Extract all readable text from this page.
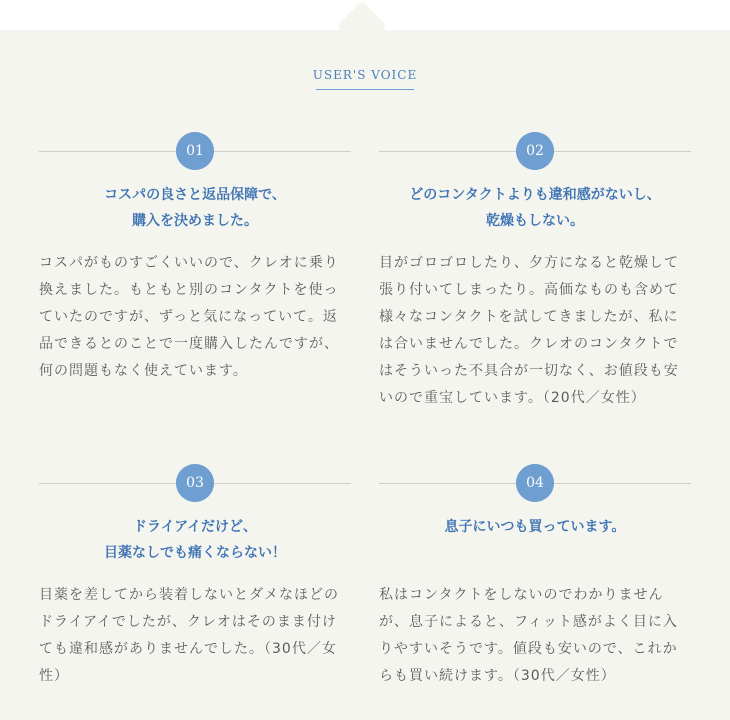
USER'S VOICE
01
コスパの良さと返品保障で、
購入を決めました。
コスパがものすごくいいので、クレオに乗り換えました。もともと別のコンタクトを使っていたのですが、ずっと気になっていて。返品できるとのことで一度購入したんですが、何の問題もなく使えています。
02
どのコンタクトよりも違和感がないし、
乾燥もしない。
目がゴロゴロしたり、夕方になると乾燥して張り付いてしまったり。高価なものも含めて様々なコンタクトを試してきましたが、私には合いませんでした。クレオのコンタクトではそういった不具合が一切なく、お値段も安いので重宝しています。（20代／女性）
03
ドライアイだけど、
目薬なしでも痛くならない！
目薬を差してから装着しないとダメなほどのドライアイでしたが、クレオはそのまま付けても違和感がありませんでした。（30代／女性）
04
息子にいつも買っています。
私はコンタクトをしないのでわかりませんが、息子によると、フィット感がよく目に入りやすいそうです。値段も安いので、これからも買い続けます。（30代／女性）
